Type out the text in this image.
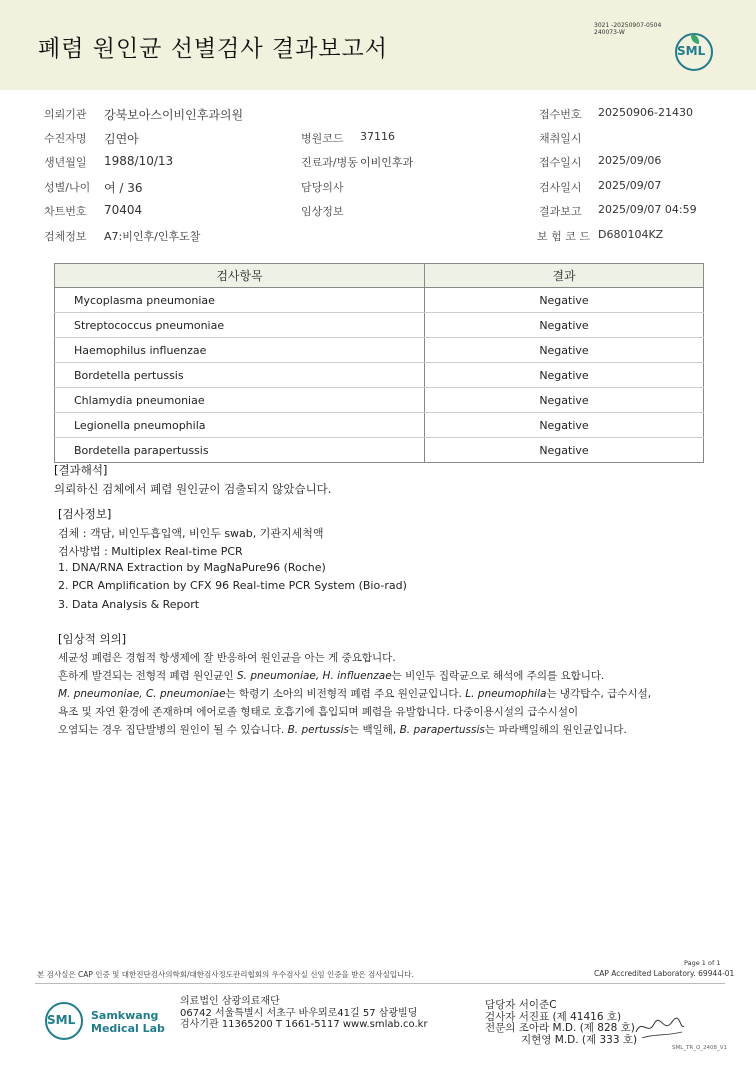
폐렴 원인균 선별검사 결과보고서
3021 -20250907-0504
240073-W
SML
의뢰기관 강북보아스이비인후과의원	접수번호 20250906-21430
수진자명 김연아	병원코드 37116	채취일시
생년월일 1988/10/13	진료과/병동 이비인후과	접수일시 2025/09/06
성별/나이 여 / 36	담당의사	검사일시 2025/09/07
차트번호 70404	임상정보	결과보고 2025/09/07 04:59
검체정보 A7:비인후/인후도찰	보 험 코 드 D680104KZ
검사항목	결과
Mycoplasma pneumoniae	Negative
Streptococcus pneumoniae	Negative
Haemophilus influenzae	Negative
Bordetella pertussis	Negative
Chlamydia pneumoniae	Negative
Legionella pneumophila	Negative
Bordetella parapertussis	Negative
[결과해석]
의뢰하신 검체에서 폐렴 원인균이 검출되지 않았습니다.
[검사정보]
검체 : 객담, 비인두흡입액, 비인두 swab, 기관지세척액
검사방법 : Multiplex Real-time PCR
1. DNA/RNA Extraction by MagNaPure96 (Roche)
2. PCR Amplification by CFX 96 Real-time PCR System (Bio-rad)
3. Data Analysis & Report
[임상적 의의]
세균성 폐렴은 경험적 항생제에 잘 반응하여 원인균을 아는 게 중요합니다.
흔하게 발견되는 전형적 폐렴 원인균인 S. pneumoniae, H. influenzae는 비인두 집락균으로 해석에 주의를 요합니다.
M. pneumoniae, C. pneumoniae는 학령기 소아의 비전형적 폐렴 주요 원인균입니다. L. pneumophila는 냉각탑수, 급수시설,
욕조 및 자연 환경에 존재하며 에어로졸 형태로 호흡기에 흡입되며 폐렴을 유발합니다. 다중이용시설의 급수시설이
오염되는 경우 집단발병의 원인이 될 수 있습니다. B. pertussis는 백일해, B. parapertussis는 파라백일해의 원인균입니다.
본 검사실은 CAP 인증 및 대한진단검사의학회/대한검사정도관리협회의 우수검사실 신임 인증을 받은 검사실입니다.
Page 1 of 1
CAP Accredited Laboratory. 69944-01
SML Samkwang
Medical Lab
의료법인 삼광의료재단
06742 서울특별시 서초구 바우뫼로41길 57 삼광빌딩
검사기관 11365200 T 1661-5117 www.smlab.co.kr
담당자 서이준C
검사자 서진표 (제 41416 호)
전문의 조아라 M.D. (제 828 호)
지현영 M.D. (제 333 호)
SML_TR_Q_2408_V1
